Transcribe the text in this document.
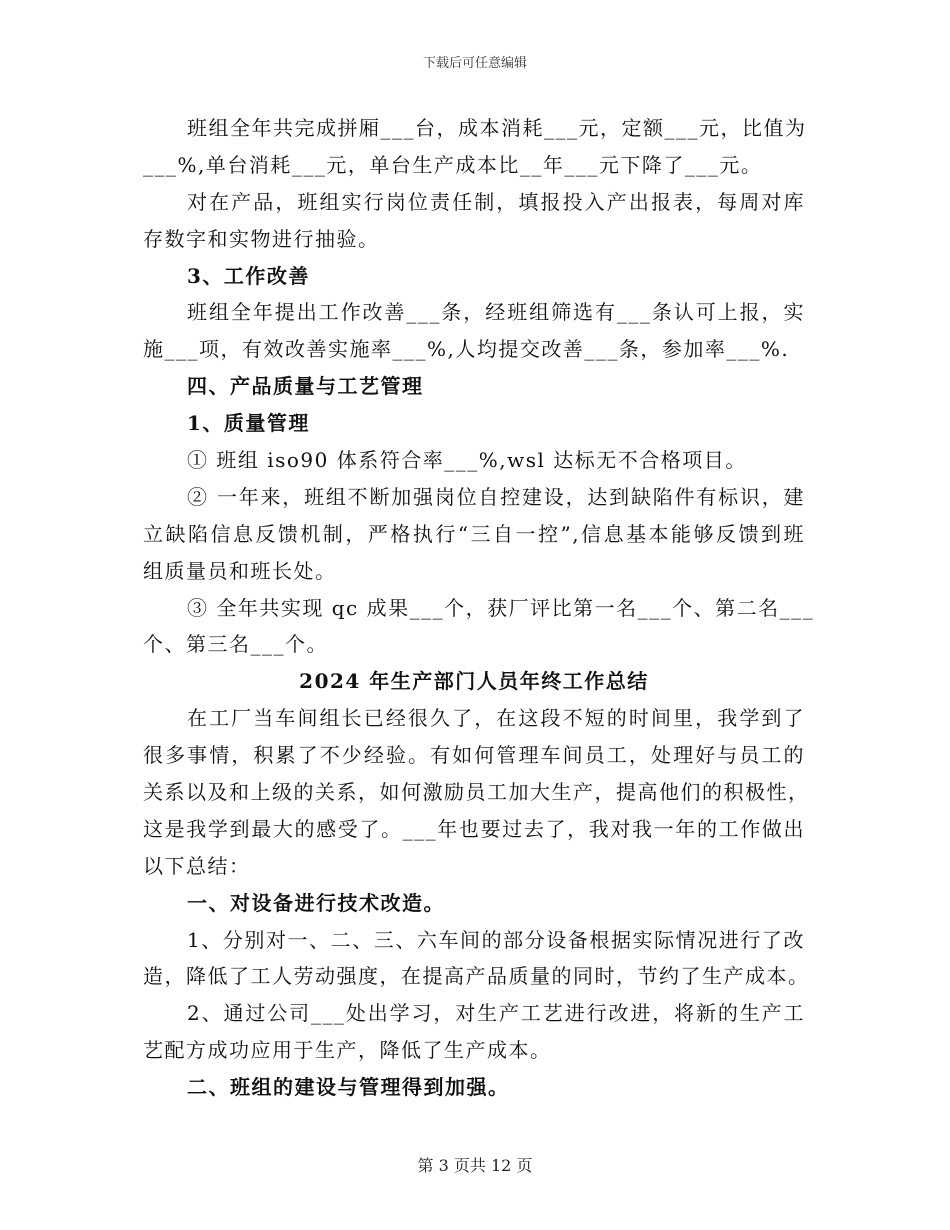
下载后可任意编辑
班组全年共完成拼厢___台，成本消耗___元，定额___元，比值为
___%,单台消耗___元，单台生产成本比__年___元下降了___元。
对在产品，班组实行岗位责任制，填报投入产出报表，每周对库
存数字和实物进行抽验。
3、工作改善
班组全年提出工作改善___条，经班组筛选有___条认可上报，实
施___项，有效改善实施率___%,人均提交改善___条，参加率___%.
四、产品质量与工艺管理
1、质量管理
① 班组 iso90 体系符合率___%,wsl 达标无不合格项目。
② 一年来，班组不断加强岗位自控建设，达到缺陷件有标识，建
立缺陷信息反馈机制，严格执行“三自一控”,信息基本能够反馈到班
组质量员和班长处。
③ 全年共实现 qc 成果___个，获厂评比第一名___个、第二名___
个、第三名___个。
2024 年生产部门人员年终工作总结
在工厂当车间组长已经很久了，在这段不短的时间里，我学到了
很多事情，积累了不少经验。有如何管理车间员工，处理好与员工的
关系以及和上级的关系，如何激励员工加大生产，提高他们的积极性，
这是我学到最大的感受了。___年也要过去了，我对我一年的工作做出
以下总结：
一、对设备进行技术改造。
1、分别对一、二、三、六车间的部分设备根据实际情况进行了改
造，降低了工人劳动强度，在提高产品质量的同时，节约了生产成本。
2、通过公司___处出学习，对生产工艺进行改进，将新的生产工
艺配方成功应用于生产，降低了生产成本。
二、班组的建设与管理得到加强。
第 3 页共 12 页
